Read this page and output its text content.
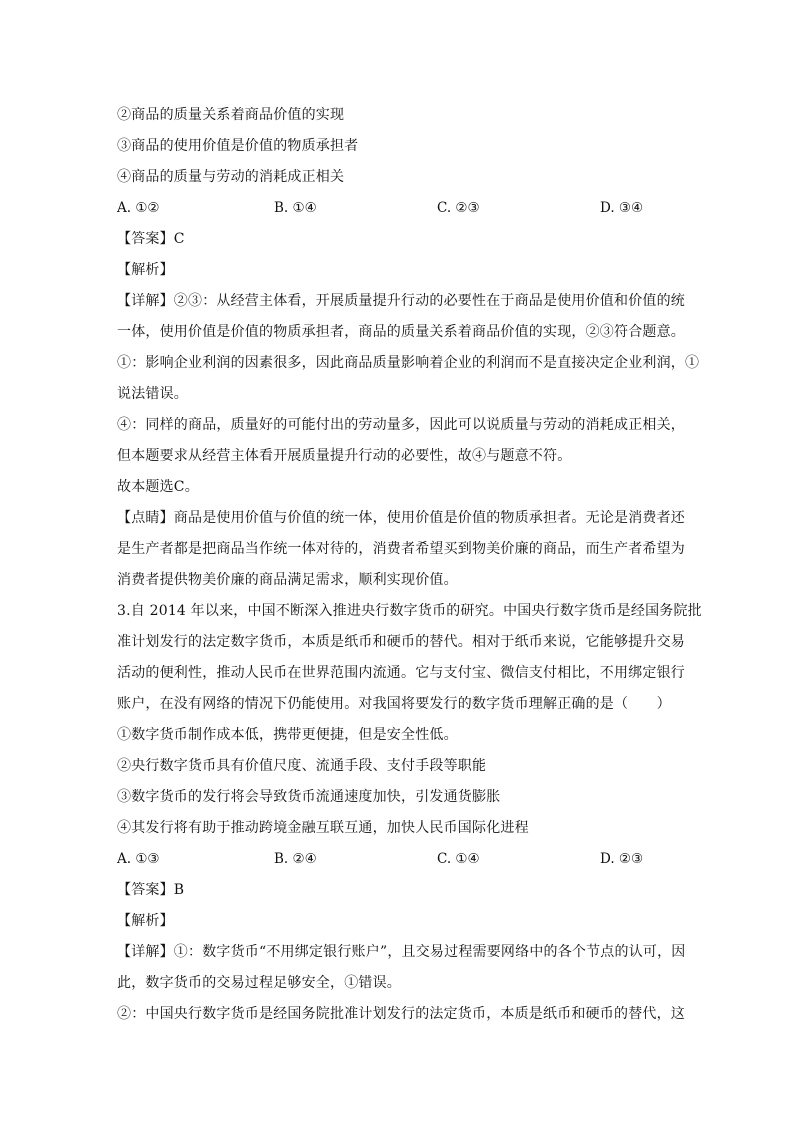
②商品的质量关系着商品价值的实现
③商品的使用价值是价值的物质承担者
④商品的质量与劳动的消耗成正相关
A. ①②	B. ①④	C. ②③	D. ③④
【答案】C
【解析】
【详解】②③：从经营主体看，开展质量提升行动的必要性在于商品是使用价值和价值的统
一体，使用价值是价值的物质承担者，商品的质量关系着商品价值的实现，②③符合题意。
①：影响企业利润的因素很多，因此商品质量影响着企业的利润而不是直接决定企业利润，①
说法错误。
④：同样的商品，质量好的可能付出的劳动量多，因此可以说质量与劳动的消耗成正相关，
但本题要求从经营主体看开展质量提升行动的必要性，故④与题意不符。
故本题选C。
【点睛】商品是使用价值与价值的统一体，使用价值是价值的物质承担者。无论是消费者还
是生产者都是把商品当作统一体对待的，消费者希望买到物美价廉的商品，而生产者希望为
消费者提供物美价廉的商品满足需求，顺利实现价值。
3.自 2014 年以来，中国不断深入推进央行数字货币的研究。中国央行数字货币是经国务院批
准计划发行的法定数字货币，本质是纸币和硬币的替代。相对于纸币来说，它能够提升交易
活动的便利性，推动人民币在世界范围内流通。它与支付宝、微信支付相比，不用绑定银行
账户，在没有网络的情况下仍能使用。对我国将要发行的数字货币理解正确的是（　　）
①数字货币制作成本低，携带更便捷，但是安全性低。
②央行数字货币具有价值尺度、流通手段、支付手段等职能
③数字货币的发行将会导致货币流通速度加快，引发通货膨胀
④其发行将有助于推动跨境金融互联互通，加快人民币国际化进程
A. ①③	B. ②④	C. ①④	D. ②③
【答案】B
【解析】
【详解】①：数字货币“不用绑定银行账户”，且交易过程需要网络中的各个节点的认可，因
此，数字货币的交易过程足够安全，①错误。
②：中国央行数字货币是经国务院批准计划发行的法定货币，本质是纸币和硬币的替代，这
